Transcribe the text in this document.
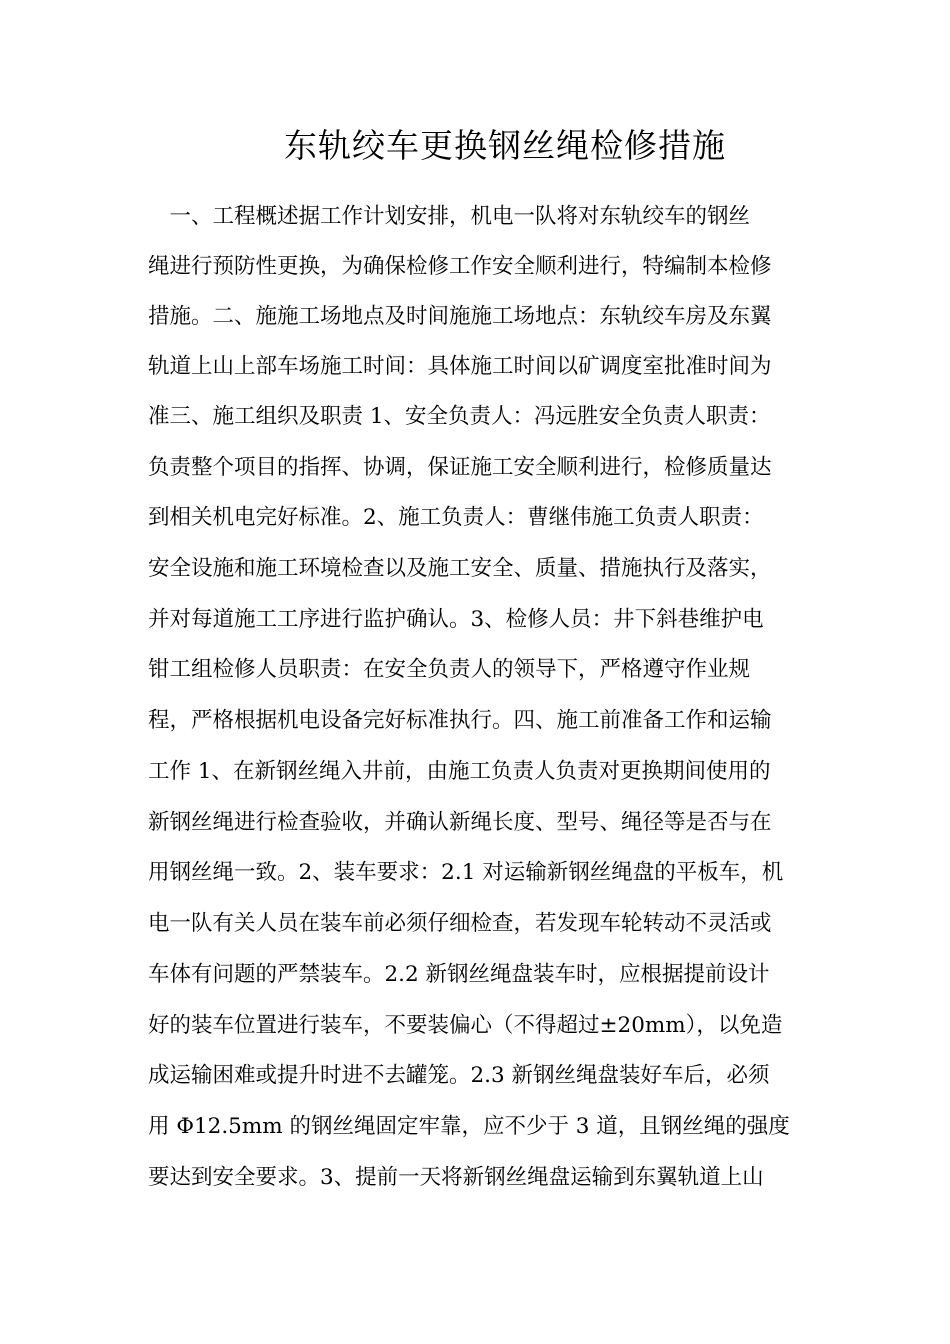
东轨绞车更换钢丝绳检修措施

　一、工程概述据工作计划安排，机电一队将对东轨绞车的钢丝

绳进行预防性更换，为确保检修工作安全顺利进行，特编制本检修

措施。二、施施工场地点及时间施施工场地点：东轨绞车房及东翼

轨道上山上部车场施工时间：具体施工时间以矿调度室批准时间为

准三、施工组织及职责 1、安全负责人：冯远胜安全负责人职责：

负责整个项目的指挥、协调，保证施工安全顺利进行，检修质量达

到相关机电完好标准。2、施工负责人：曹继伟施工负责人职责：

安全设施和施工环境检查以及施工安全、质量、措施执行及落实，

并对每道施工工序进行监护确认。3、检修人员：井下斜巷维护电

钳工组检修人员职责：在安全负责人的领导下，严格遵守作业规

程，严格根据机电设备完好标准执行。四、施工前准备工作和运输

工作 1、在新钢丝绳入井前，由施工负责人负责对更换期间使用的

新钢丝绳进行检查验收，并确认新绳长度、型号、绳径等是否与在

用钢丝绳一致。2、装车要求：2.1 对运输新钢丝绳盘的平板车，机

电一队有关人员在装车前必须仔细检查，若发现车轮转动不灵活或

车体有问题的严禁装车。2.2 新钢丝绳盘装车时，应根据提前设计

好的装车位置进行装车，不要装偏心（不得超过±20mm），以免造

成运输困难或提升时进不去罐笼。2.3 新钢丝绳盘装好车后，必须

用 Φ12.5mm 的钢丝绳固定牢靠，应不少于 3 道，且钢丝绳的强度

要达到安全要求。3、提前一天将新钢丝绳盘运输到东翼轨道上山
